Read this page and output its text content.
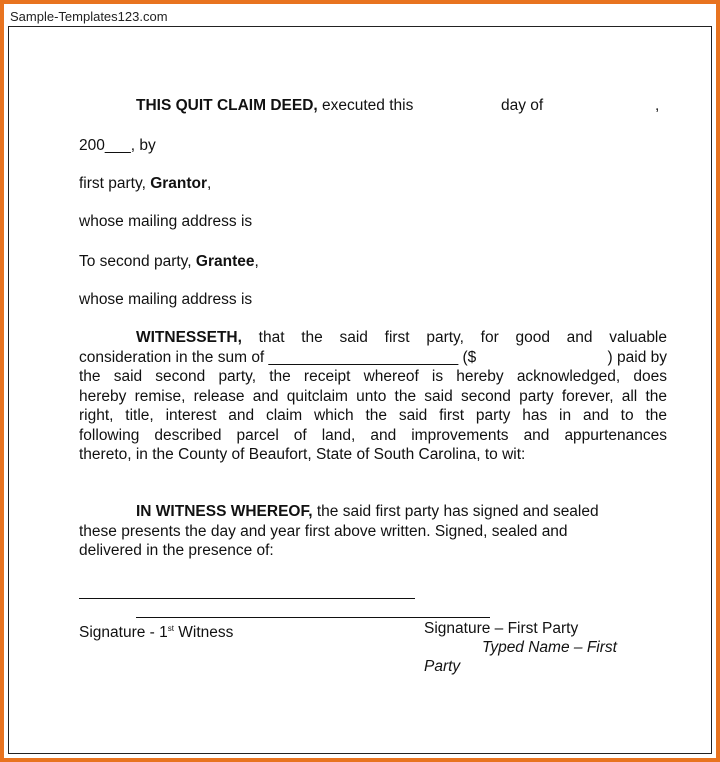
Sample-Templates123.com
THIS QUIT CLAIM DEED, executed this	day of	,
200___, by
first party, Grantor,
whose mailing address is
To second party, Grantee,
whose mailing address is
WITNESSETH, that the said first party, for good and valuable
consideration in the sum of ______________________ ($	) paid by
the said second party, the receipt whereof is hereby acknowledged, does
hereby remise, release and quitclaim unto the said second party forever, all the
right, title, interest and claim which the said first party has in and to the
following described parcel of land, and improvements and appurtenances
thereto, in the County of Beaufort, State of South Carolina, to wit:
IN WITNESS WHEREOF, the said first party has signed and sealed
these presents the day and year first above written. Signed, sealed and
delivered in the presence of:
Signature - 1st Witness	Signature – First Party
Typed Name – First
Party
